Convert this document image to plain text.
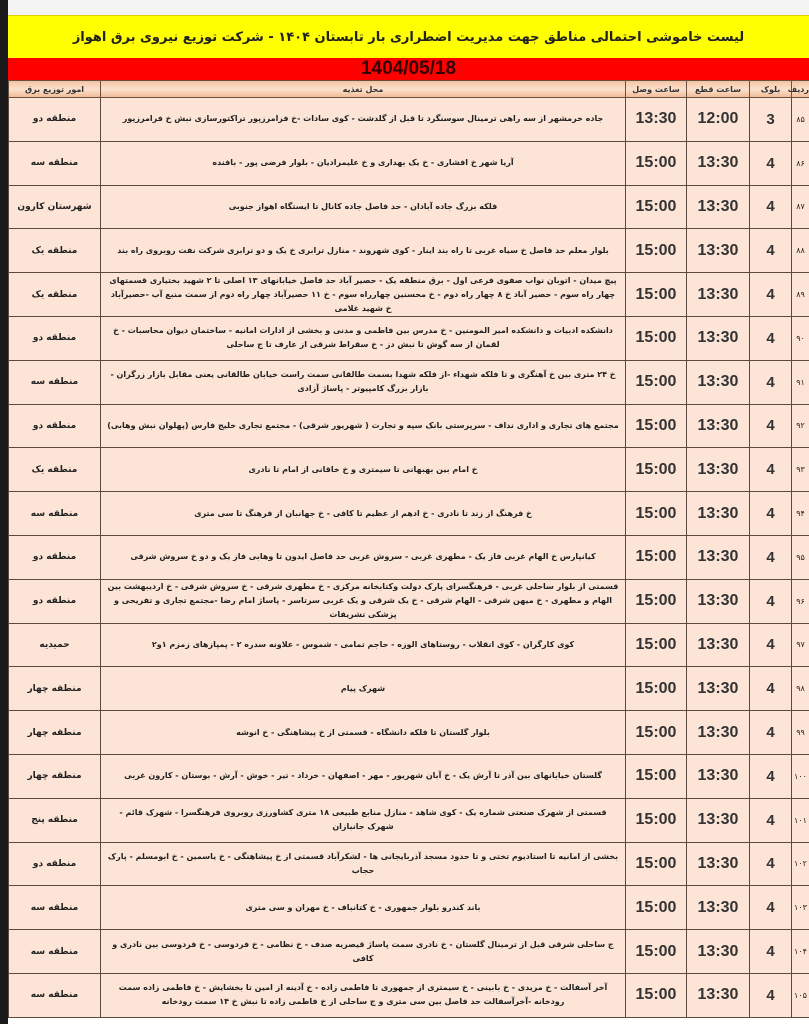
لیست خاموشی احتمالی مناطق جهت مدیریت اضطراری بار تابستان ۱۴۰۴ - شرکت توزیع نیروی برق اهواز
1404/05/18
ردیف	بلوک	ساعت قطع	ساعت وصل	محل تغذیه	امور توزیع برق
۸۵	3	12:00	13:30	جاده خرمشهر از سه راهی ترمینال سوسنگرد تا قبل از گلدشت - کوی سادات -خ فرامرزپور تراکتورسازی نبش خ فرامرزپور	منطقه دو
۸۶	4	13:30	15:00	آریا شهر خ افشاری - خ یک بهداری و خ علیمرادیان - بلوار فرضی پور - بافنده	منطقه سه
۸۷	4	13:30	15:00	فلکه بزرگ جاده آبادان - حد فاصل جاده کانال تا ایستگاه اهواز جنوبی	شهرستان کارون
۸۸	4	13:30	15:00	بلوار معلم حد فاصل خ سیاه غربی تا راه بند اینار - کوی شهروند - منازل ترابری خ یک و دو ترابری شرکت نفت روبروی راه بند	منطقه یک
۸۹	4	13:30	15:00	پیچ میدان - اتوبان نواب صفوی فرعی اول - برق منطقه یک - حصیر آباد حد فاصل خیابانهای ۱۳ اصلی تا ۲ شهید بختیاری قسمتهای چهار راه سوم - حصیر آباد خ ۸ چهار راه دوم - خ محسنین چهارراه سوم - خ ۱۱ حصیرآباد چهار راه دوم از سمت منبع آب -حصیرآباد خ شهید غلامی	منطقه یک
۹۰	4	13:30	15:00	دانشکده ادبیات و دانشکده امیر المومنین - خ مدرس بین فاطمی و مدنی و بخشی از ادارات امانیه - ساختمان دیوان محاسبات - خ لقمان از سه گوش تا نبش دز - خ سقراط شرقی از عارف تا ج ساحلی	منطقه دو
۹۱	4	13:30	15:00	خ ۲۴ متری بین خ آهنگری و تا فلکه شهداء -از فلکه شهدا بسمت طالقانی سمت راست خیابان طالقانی یعنی مقابل بازار زرگران - بازار بزرگ کامپیوتر - پاساژ آزادی	منطقه سه
۹۲	4	13:30	15:00	مجتمع های تجاری و اداری نداف - سرپرستی بانک سپه و تجارت ( شهریور شرقی) - مجتمع تجاری خلیج فارس (پهلوان نبش وهابی)	منطقه دو
۹۳	4	13:30	15:00	خ امام بین بهبهانی تا سیمتری و خ خاقانی از امام تا نادری	منطقه یک
۹۴	4	13:30	15:00	خ فرهنگ از زند تا نادری - خ ادهم از عظیم تا کافی - خ جهانبان از فرهنگ تا سی متری	منطقه سه
۹۵	4	13:30	15:00	کیانپارس خ الهام غربی فاز یک - مطهری غربی - سروش غربی حد فاصل ایدون تا وهابی فاز یک و دو خ سروش شرقی	منطقه دو
۹۶	4	13:30	15:00	قسمتی از بلوار ساحلی غربی - فرهنگسرای پارک دولت وکتابخانه مرکزی - خ مطهری شرقی - خ سروش شرقی - خ اردیبهشت بین الهام و مطهری - خ میهن شرقی - الهام شرقی - خ یک شرقی و یک غربی سرتاسر - پاساژ امام رضا -مجتمع تجاری و تفریحی و پزشکی تشریفات	منطقه دو
۹۷	4	13:30	15:00	کوی کارگران - کوی انقلاب - روستاهای الوزه - حاجم تمامی - شموس - علاونه سدره ۲ - پمپازهای زمزم ۱و۲	حمیدیه
۹۸	4	13:30	15:00	شهرک پیام	منطقه چهار
۹۹	4	13:30	15:00	بلوار گلستان تا فلکه دانشگاه - قسمتی از خ پیشاهنگی - خ انوشه	منطقه چهار
۱۰۰	4	13:30	15:00	گلستان خیابانهای بین آذر تا آرش یک - خ آبان شهریور - مهر - اصفهان - خرداد - تیر - خوش - آرش - بوستان - کارون غربی	منطقه چهار
۱۰۱	4	13:30	15:00	قسمتی از شهرک صنعتی شماره یک - کوی شاهد - منازل منابع طبیعی ۱۸ متری کشاورزی روبروی فرهنگسرا - شهرک قائم - شهرک جانبازان	منطقه پنج
۱۰۲	4	13:30	15:00	بخشی از امانیه تا استادیوم تختی و تا حدود مسجد آذربایجانی ها - لشکرآباد قسمتی از خ پیشاهنگی - خ یاسمین - خ ابومسلم - پارک حجاب	منطقه دو
۱۰۳	4	13:30	15:00	باند کندرو بلوار جمهوری - خ کتانباف - خ مهران و سی متری	منطقه سه
۱۰۴	4	13:30	15:00	ج ساحلی شرقی قبل از ترمینال گلستان - خ نادری سمت پاساژ قیصریه صدف - خ نظامی - خ فردوسی - خ فردوسی بین نادری و کافی	منطقه سه
۱۰۵	4	13:30	15:00	آخر آسفالت - خ مریدی - خ بابینی - خ سیمتری از جمهوری تا فاطمی زاده - خ آدینه از امین تا بخشایش - خ فاطمی زاده سمت رودخانه -آخرآسفالت حد فاصل بین سی متری و ج ساحلی از خ فاطمی زاده تا نبش خ ۱۴ سمت رودخانه	منطقه سه
